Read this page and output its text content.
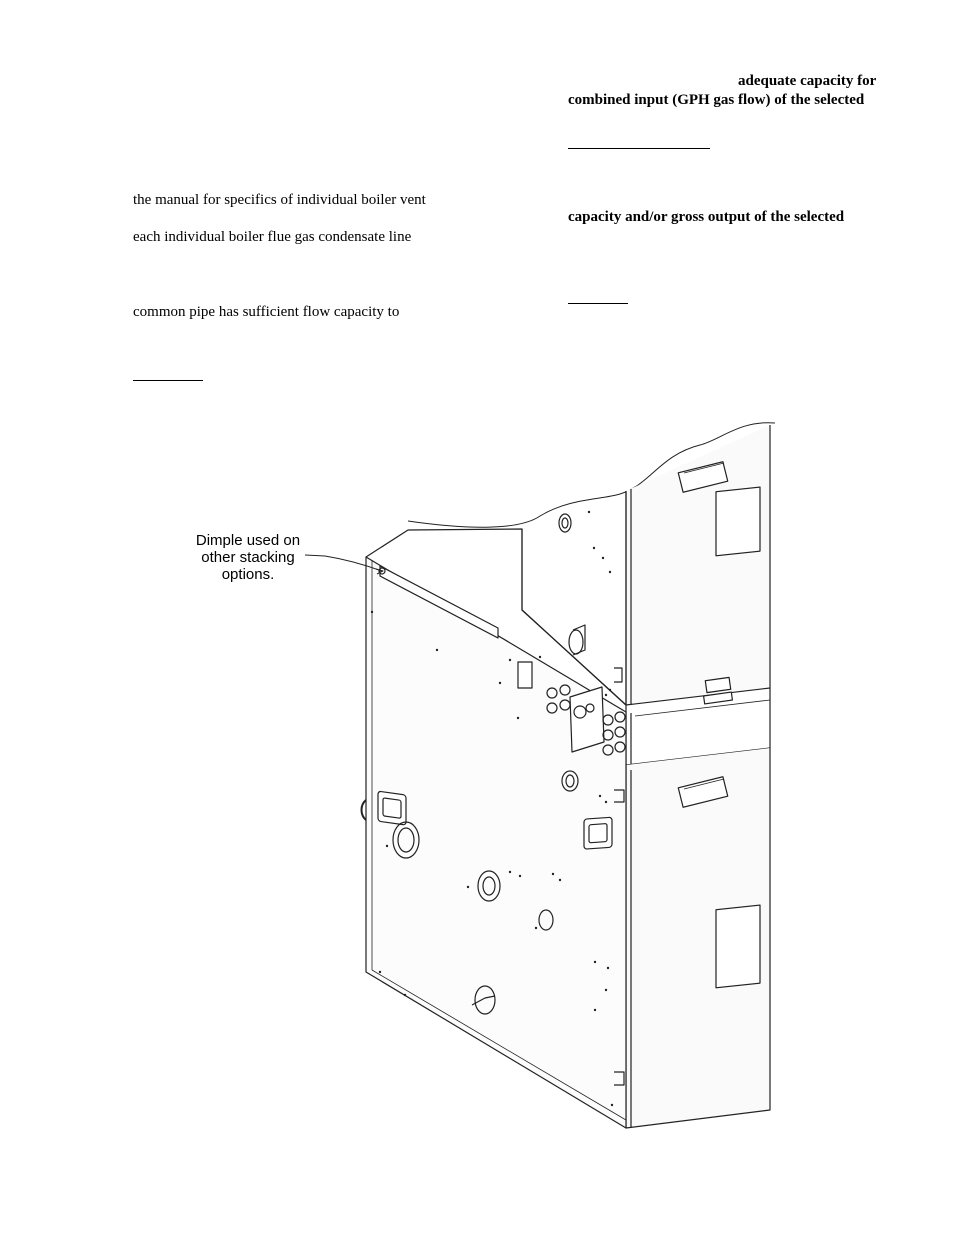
adequate capacity for
combined input (GPH gas flow) of the selected
the manual for specifics of individual boiler vent
capacity and/or gross output of the selected
each individual boiler flue gas condensate line
common pipe has sufficient flow capacity to
Dimple used on
other stacking
options.
